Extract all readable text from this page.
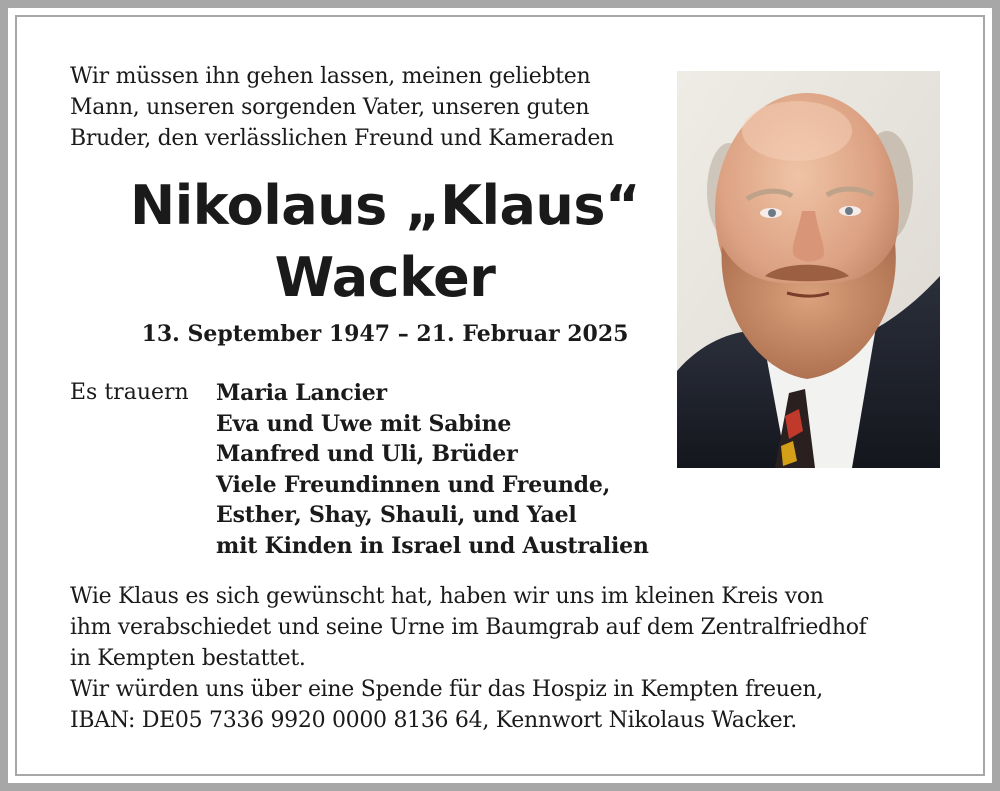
Wir müssen ihn gehen lassen, meinen geliebten
Mann, unseren sorgenden Vater, unseren guten
Bruder, den verlässlichen Freund und Kameraden
Nikolaus „Klaus“
Wacker
13. September 1947 – 21. Februar 2025
Es trauern Maria Lancier
Eva und Uwe mit Sabine
Manfred und Uli, Brüder
Viele Freundinnen und Freunde,
Esther, Shay, Shauli, und Yael
mit Kinden in Israel und Australien
Wie Klaus es sich gewünscht hat, haben wir uns im kleinen Kreis von
ihm verabschiedet und seine Urne im Baumgrab auf dem Zentralfriedhof
in Kempten bestattet.
Wir würden uns über eine Spende für das Hospiz in Kempten freuen,
IBAN: DE05 7336 9920 0000 8136 64, Kennwort Nikolaus Wacker.
